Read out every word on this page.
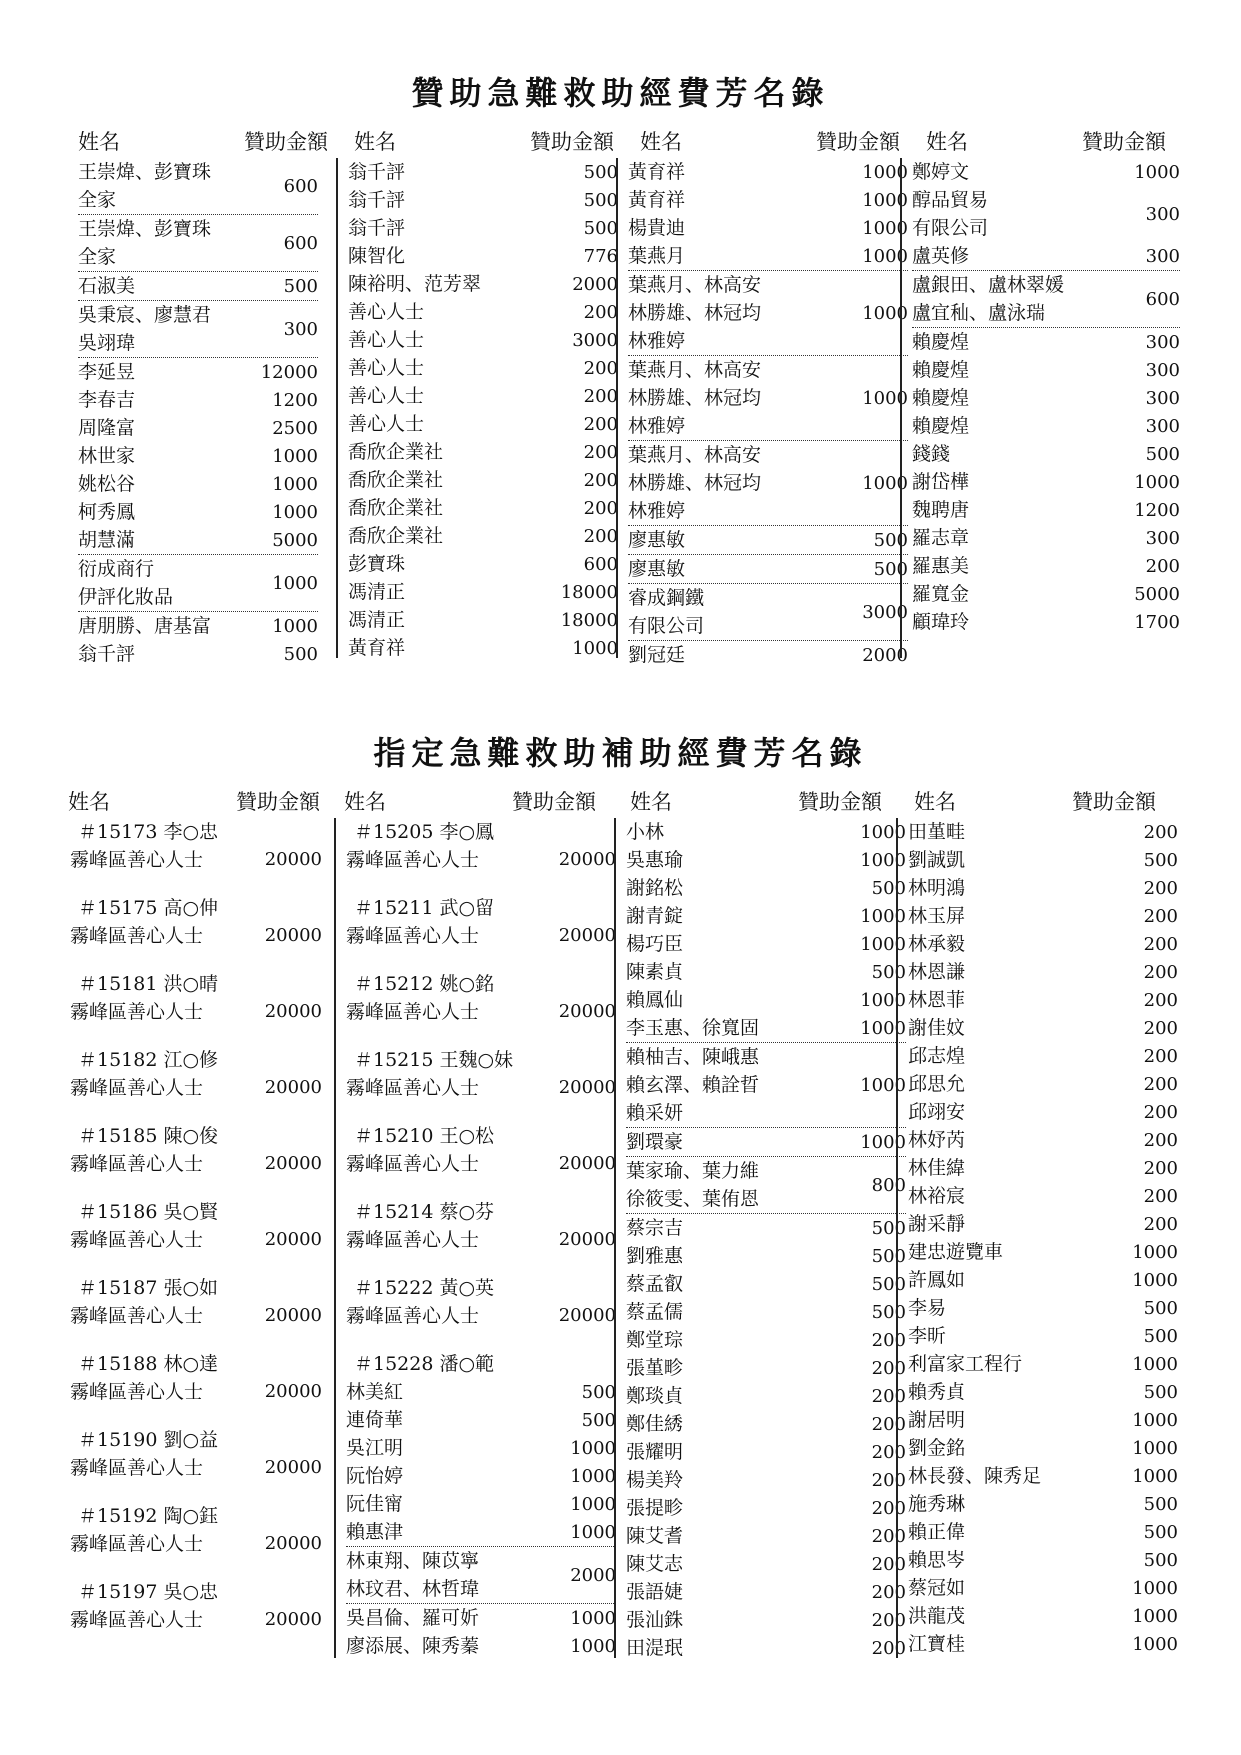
贊助急難救助經費芳名錄
姓名	贊助金額
王崇煒、彭寶珠
全家
600
王崇煒、彭寶珠
全家
600
石淑美	500
吳秉宸、廖慧君
吳翊瑋
300
李延昱	12000
李春吉	1200
周隆富	2500
林世家	1000
姚松谷	1000
柯秀鳳	1000
胡慧滿	5000
衍成商行
伊評化妝品
1000
唐朋勝、唐基富	1000
翁千評	500
姓名	贊助金額
翁千評	500
翁千評	500
翁千評	500
陳智化	776
陳裕明、范芳翠	2000
善心人士	200
善心人士	3000
善心人士	200
善心人士	200
善心人士	200
喬欣企業社	200
喬欣企業社	200
喬欣企業社	200
喬欣企業社	200
彭寶珠	600
馮清正	18000
馮清正	18000
黃育祥	1000
姓名	贊助金額
黃育祥	1000
黃育祥	1000
楊貴迪	1000
葉燕月	1000
葉燕月、林高安
林勝雄、林冠均
林雅婷
1000
葉燕月、林高安
林勝雄、林冠均
林雅婷
1000
葉燕月、林高安
林勝雄、林冠均
林雅婷
1000
廖惠敏	500
廖惠敏	500
睿成鋼鐵
有限公司
3000
劉冠廷	2000
姓名	贊助金額
鄭婷文	1000
醇品貿易
有限公司
300
盧英修	300
盧銀田、盧林翠媛
盧宜秈、盧泳瑞
600
賴慶煌	300
賴慶煌	300
賴慶煌	300
賴慶煌	300
錢錢	500
謝岱樺	1000
魏聘唐	1200
羅志章	300
羅惠美	200
羅寬金	5000
顧瑋玲	1700
指定急難救助補助經費芳名錄
姓名	贊助金額 姓名	贊助金額 姓名	贊助金額 姓名	贊助金額
＃15173 李○忠
霧峰區善心人士	20000
＃15175 高○伸
霧峰區善心人士	20000
＃15181 洪○晴
霧峰區善心人士	20000
＃15182 江○修
霧峰區善心人士	20000
＃15185 陳○俊
霧峰區善心人士	20000
＃15186 吳○賢
霧峰區善心人士	20000
＃15187 張○如
霧峰區善心人士	20000
＃15188 林○達
霧峰區善心人士	20000
＃15190 劉○益
霧峰區善心人士	20000
＃15192 陶○鈺
霧峰區善心人士	20000
＃15197 吳○忠
霧峰區善心人士	20000
＃15205 李○鳳
霧峰區善心人士	20000
＃15211 武○留
霧峰區善心人士	20000
＃15212 姚○銘
霧峰區善心人士	20000
＃15215 王魏○妹
霧峰區善心人士	20000
＃15210 王○松
霧峰區善心人士	20000
＃15214 蔡○芬
霧峰區善心人士	20000
＃15222 黃○英
霧峰區善心人士	20000
＃15228 潘○範
林美紅	500
連倚華	500
吳江明	1000
阮怡婷	1000
阮佳甯	1000
賴惠津	1000
林東翔、陳苡寧
林玟君、林哲瑋
2000
吳昌倫、羅可妡	1000
廖添展、陳秀蓁	1000
小林	1000
吳惠瑜	1000
謝銘松	500
謝青錠	1000
楊巧臣	1000
陳素貞	500
賴鳳仙	1000
李玉惠、徐寬固	1000
賴柚吉、陳峨惠
賴玄澤、賴詮晢
賴采妍
1000
劉環豪	1000
葉家瑜、葉力維
徐筱雯、葉侑恩
800
蔡宗吉	500
劉雅惠	500
蔡孟叡	500
蔡孟儒	500
鄭堂琮	200
張堇畛	200
鄭琰貞	200
鄭佳綉	200
張耀明	200
楊美羚	200
張提畛	200
陳艾耆	200
陳艾志	200
張語婕	200
張汕銖	200
田湜珉	200
田堇畦	200
劉誠凱	500
林明鴻	200
林玉屏	200
林承毅	200
林恩謙	200
林恩菲	200
謝佳妏	200
邱志煌	200
邱思允	200
邱翊安	200
林妤芮	200
林佳緯	200
林裕宸	200
謝采靜	200
建忠遊覽車	1000
許鳳如	1000
李易	500
李昕	500
利富家工程行	1000
賴秀貞	500
謝居明	1000
劉金銘	1000
林長發、陳秀足	1000
施秀琳	500
賴正偉	500
賴思岑	500
蔡冠如	1000
洪龍茂	1000
江寶桂	1000
